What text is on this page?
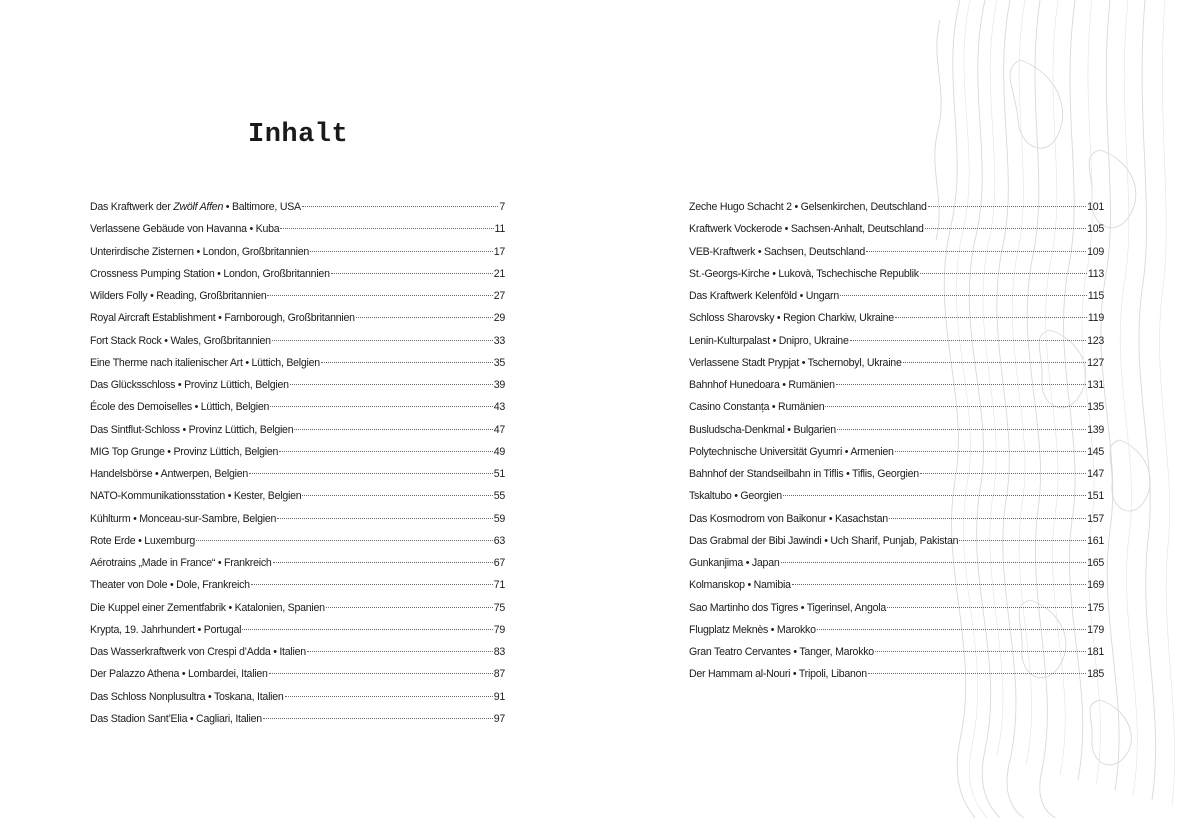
Inhalt
Das Kraftwerk der Zwölf Affen • Baltimore, USA	7
Verlassene Gebäude von Havanna • Kuba	11
Unterirdische Zisternen • London, Großbritannien	17
Crossness Pumping Station • London, Großbritannien	21
Wilders Folly • Reading, Großbritannien	27
Royal Aircraft Establishment • Farnborough, Großbritannien	29
Fort Stack Rock • Wales, Großbritannien	33
Eine Therme nach italienischer Art • Lüttich, Belgien	35
Das Glücksschloss • Provinz Lüttich, Belgien	39
École des Demoiselles • Lüttich, Belgien	43
Das Sintflut-Schloss • Provinz Lüttich, Belgien	47
MIG Top Grunge • Provinz Lüttich, Belgien	49
Handelsbörse • Antwerpen, Belgien	51
NATO-Kommunikationsstation • Kester, Belgien	55
Kühlturm • Monceau-sur-Sambre, Belgien	59
Rote Erde • Luxemburg	63
Aérotrains „Made in France“ • Frankreich	67
Theater von Dole • Dole, Frankreich	71
Die Kuppel einer Zementfabrik • Katalonien, Spanien	75
Krypta, 19. Jahrhundert • Portugal	79
Das Wasserkraftwerk von Crespi d’Adda • Italien	83
Der Palazzo Athena • Lombardei, Italien	87
Das Schloss Nonplusultra • Toskana, Italien	91
Das Stadion Sant’Elia • Cagliari, Italien	97
Zeche Hugo Schacht 2 • Gelsenkirchen, Deutschland	101
Kraftwerk Vockerode • Sachsen-Anhalt, Deutschland	105
VEB-Kraftwerk • Sachsen, Deutschland	109
St.-Georgs-Kirche • Lukovà, Tschechische Republik	113
Das Kraftwerk Kelenföld • Ungarn	115
Schloss Sharovsky • Region Charkiw, Ukraine	119
Lenin-Kulturpalast • Dnipro, Ukraine	123
Verlassene Stadt Prypjat • Tschernobyl, Ukraine	127
Bahnhof Hunedoara • Rumänien	131
Casino Constanța • Rumänien	135
Busludscha-Denkmal • Bulgarien	139
Polytechnische Universität Gyumri • Armenien	145
Bahnhof der Standseilbahn in Tiflis • Tiflis, Georgien	147
Tskaltubo • Georgien	151
Das Kosmodrom von Baikonur • Kasachstan	157
Das Grabmal der Bibi Jawindi • Uch Sharif, Punjab, Pakistan	161
Gunkanjima • Japan	165
Kolmanskop • Namibia	169
Sao Martinho dos Tigres • Tigerinsel, Angola	175
Flugplatz Meknès • Marokko	179
Gran Teatro Cervantes • Tanger, Marokko	181
Der Hammam al-Nouri • Tripoli, Libanon	185
